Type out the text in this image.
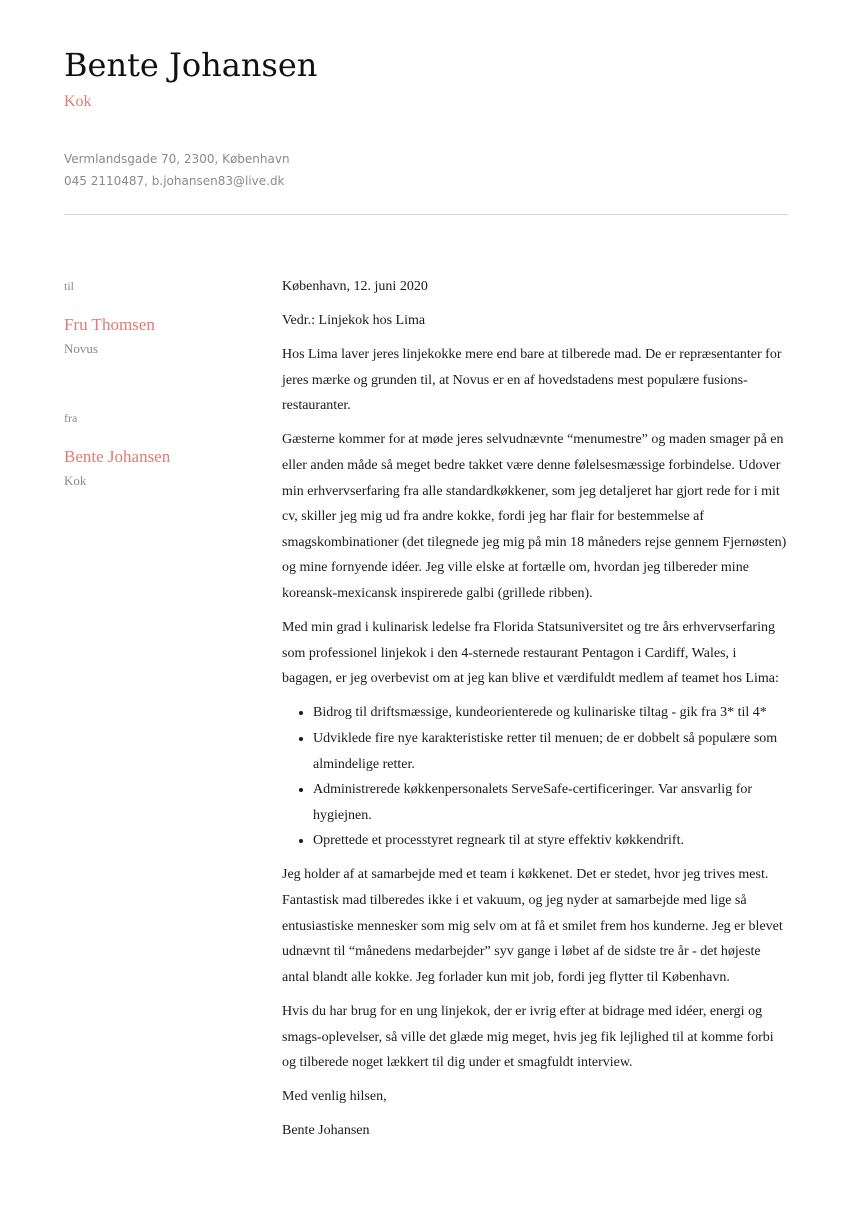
Bente Johansen
Kok
Vermlandsgade 70, 2300, København
045 2110487, b.johansen83@live.dk
til
Fru Thomsen
Novus
fra
Bente Johansen
Kok

København, 12. juni 2020

Vedr.: Linjekok hos Lima

Hos Lima laver jeres linjekokke mere end bare at tilberede mad. De er repræsentanter for jeres mærke og grunden til, at Novus er en af hovedstadens mest populære fusions-restauranter.

Gæsterne kommer for at møde jeres selvudnævnte “menumestre” og maden smager på en eller anden måde så meget bedre takket være denne følelsesmæssige forbindelse. Udover min erhvervserfaring fra alle standardkøkkener, som jeg detaljeret har gjort rede for i mit cv, skiller jeg mig ud fra andre kokke, fordi jeg har flair for bestemmelse af smagskombinationer (det tilegnede jeg mig på min 18 måneders rejse gennem Fjernøsten) og mine fornyende idéer. Jeg ville elske at fortælle om, hvordan jeg tilbereder mine koreansk-mexicansk inspirerede galbi (grillede ribben).

Med min grad i kulinarisk ledelse fra Florida Statsuniversitet og tre års erhvervserfaring som professionel linjekok i den 4-sternede restaurant Pentagon i Cardiff, Wales, i bagagen, er jeg overbevist om at jeg kan blive et værdifuldt medlem af teamet hos Lima:

• Bidrog til driftsmæssige, kundeorienterede og kulinariske tiltag - gik fra 3* til 4*
• Udviklede fire nye karakteristiske retter til menuen; de er dobbelt så populære som almindelige retter.
• Administrerede køkkenpersonalets ServeSafe-certificeringer. Var ansvarlig for hygiejnen.
• Oprettede et processtyret regneark til at styre effektiv køkkendrift.

Jeg holder af at samarbejde med et team i køkkenet. Det er stedet, hvor jeg trives mest. Fantastisk mad tilberedes ikke i et vakuum, og jeg nyder at samarbejde med lige så entusiastiske mennesker som mig selv om at få et smilet frem hos kunderne. Jeg er blevet udnævnt til “månedens medarbejder” syv gange i løbet af de sidste tre år - det højeste antal blandt alle kokke. Jeg forlader kun mit job, fordi jeg flytter til København.

Hvis du har brug for en ung linjekok, der er ivrig efter at bidrage med idéer, energi og smags-oplevelser, så ville det glæde mig meget, hvis jeg fik lejlighed til at komme forbi og tilberede noget lækkert til dig under et smagfuldt interview.

Med venlig hilsen,

Bente Johansen
